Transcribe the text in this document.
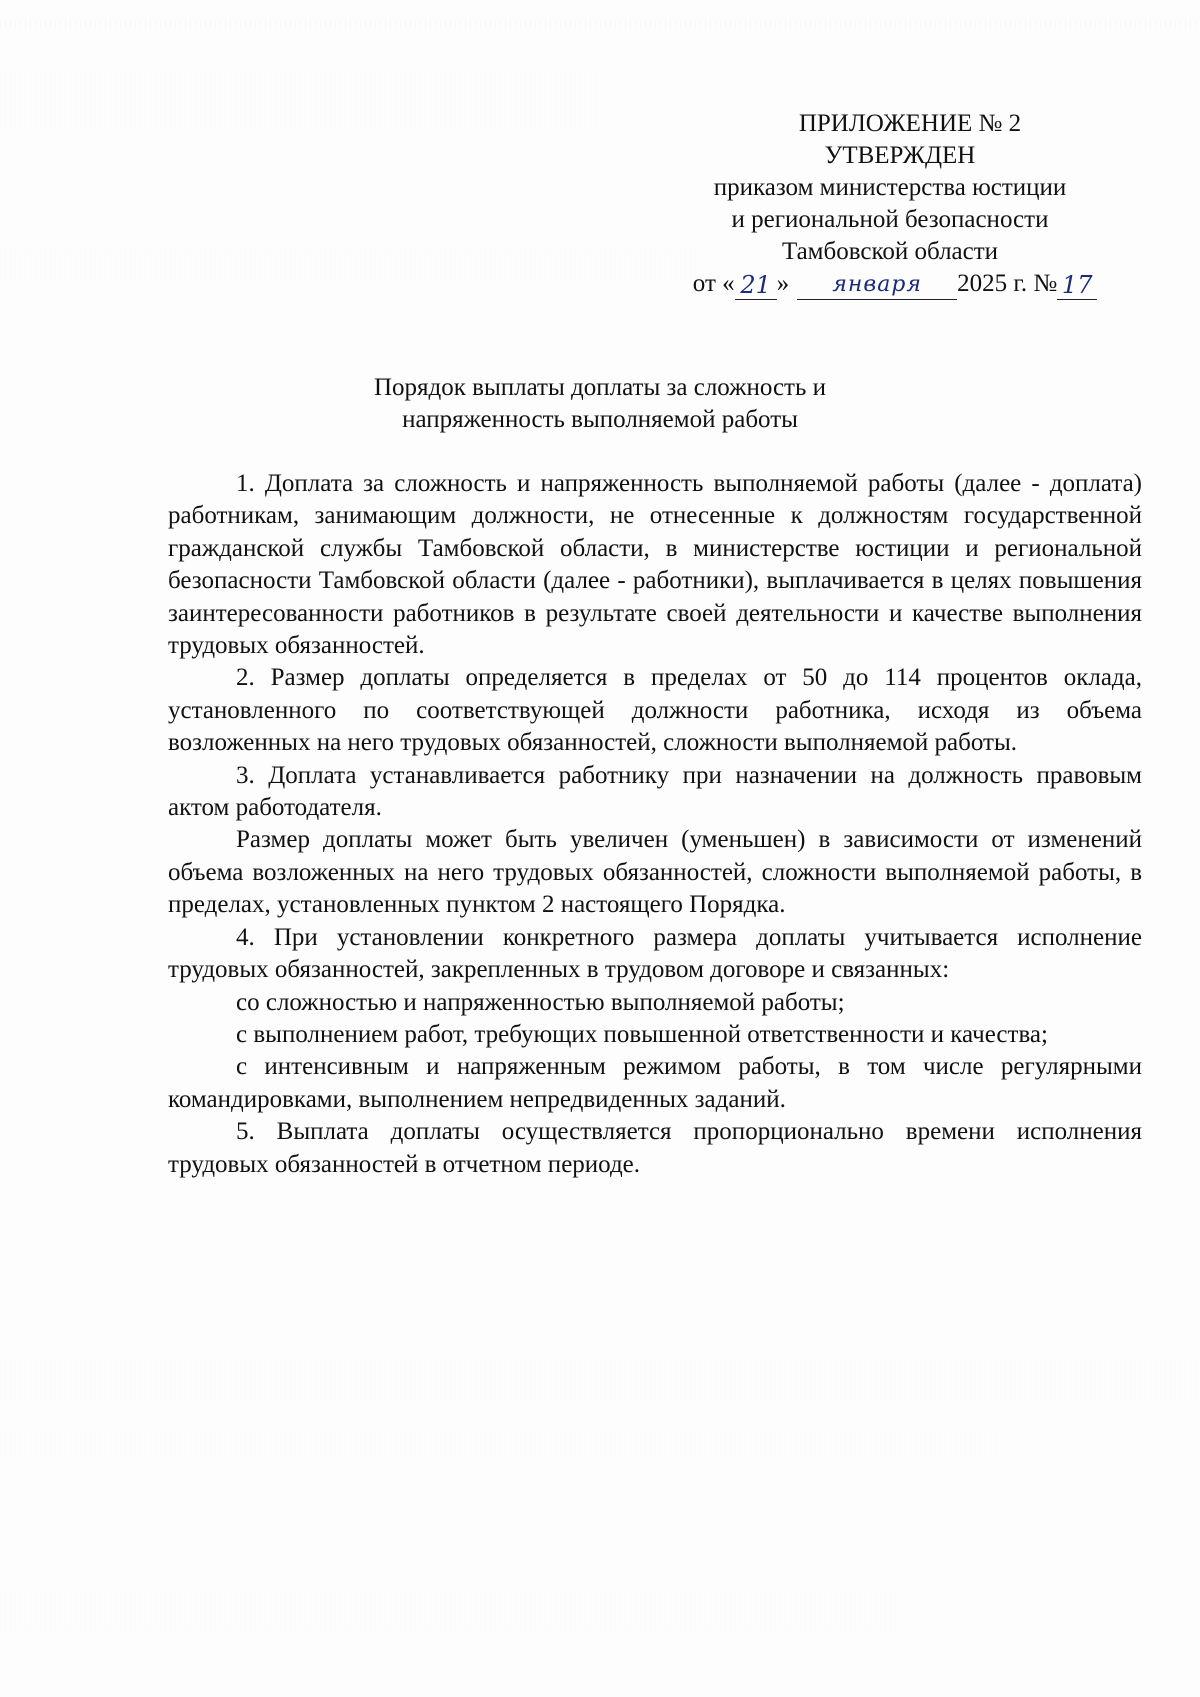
ПРИЛОЖЕНИЕ № 2
УТВЕРЖДЕН
приказом министерства юстиции
и региональной безопасности
Тамбовской области
от « 21 »	января	2025 г. № 17
Порядок выплаты доплаты за сложность и
напряженность выполняемой работы

1. Доплата за сложность и напряженность выполняемой работы (далее - доплата) работникам, занимающим должности, не отнесенные к должностям государственной гражданской службы Тамбовской области, в министерстве юстиции и региональной безопасности Тамбовской области (далее - работники), выплачивается в целях повышения заинтересованности работников в результате своей деятельности и качестве выполнения трудовых обязанностей.

2. Размер доплаты определяется в пределах от 50 до 114 процентов оклада, установленного по соответствующей должности работника, исходя из объема возложенных на него трудовых обязанностей, сложности выполняемой работы.

3. Доплата устанавливается работнику при назначении на должность правовым актом работодателя.

Размер доплаты может быть увеличен (уменьшен) в зависимости от изменений объема возложенных на него трудовых обязанностей, сложности выполняемой работы, в пределах, установленных пунктом 2 настоящего Порядка.

4. При установлении конкретного размера доплаты учитывается исполнение трудовых обязанностей, закрепленных в трудовом договоре и связанных:

со сложностью и напряженностью выполняемой работы;

с выполнением работ, требующих повышенной ответственности и качества;

с интенсивным и напряженным режимом работы, в том числе регулярными командировками, выполнением непредвиденных заданий.

5. Выплата доплаты осуществляется пропорционально времени исполнения трудовых обязанностей в отчетном периоде.
